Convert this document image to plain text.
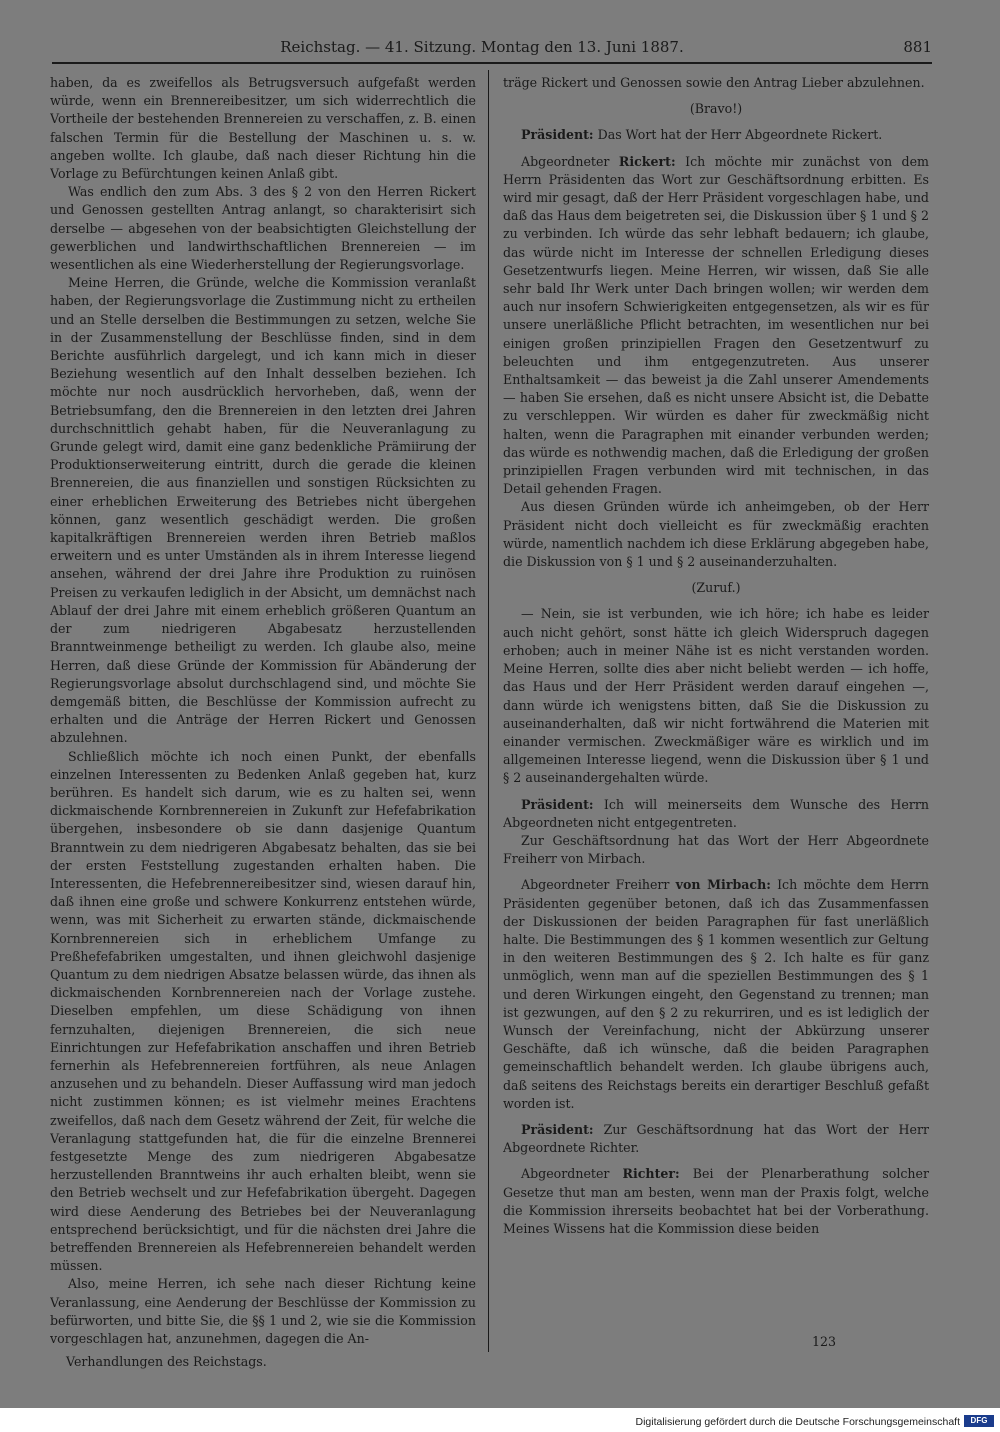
Reichstag. — 41. Sitzung. Montag den 13. Juni 1887.	881

haben, da es zweifellos als Betrugsversuch aufgefaßt werden würde, wenn ein Brennereibesitzer, um sich widerrechtlich die Vortheile der bestehenden Brennereien zu verschaffen, z. B. einen falschen Termin für die Bestellung der Maschinen u. s. w. angeben wollte. Ich glaube, daß nach dieser Richtung hin die Vorlage zu Befürchtungen keinen Anlaß gibt.

Was endlich den zum Abs. 3 des § 2 von den Herren Rickert und Genossen gestellten Antrag anlangt, so charakterisirt sich derselbe — abgesehen von der beabsichtigten Gleichstellung der gewerblichen und landwirthschaftlichen Brennereien — im wesentlichen als eine Wiederherstellung der Regierungsvorlage.

Meine Herren, die Gründe, welche die Kommission veranlaßt haben, der Regierungsvorlage die Zustimmung nicht zu ertheilen und an Stelle derselben die Bestimmungen zu setzen, welche Sie in der Zusammenstellung der Beschlüsse finden, sind in dem Berichte ausführlich dargelegt, und ich kann mich in dieser Beziehung wesentlich auf den Inhalt desselben beziehen. Ich möchte nur noch ausdrücklich hervorheben, daß, wenn der Betriebsumfang, den die Brennereien in den letzten drei Jahren durchschnittlich gehabt haben, für die Neuveranlagung zu Grunde gelegt wird, damit eine ganz bedenkliche Prämiirung der Produktionserweiterung eintritt, durch die gerade die kleinen Brennereien, die aus finanziellen und sonstigen Rücksichten zu einer erheblichen Erweiterung des Betriebes nicht übergehen können, ganz wesentlich geschädigt werden. Die großen kapitalkräftigen Brennereien werden ihren Betrieb maßlos erweitern und es unter Umständen als in ihrem Interesse liegend ansehen, während der drei Jahre ihre Produktion zu ruinösen Preisen zu verkaufen lediglich in der Absicht, um demnächst nach Ablauf der drei Jahre mit einem erheblich größeren Quantum an der zum niedrigeren Abgabesatz herzustellenden Branntweinmenge betheiligt zu werden. Ich glaube also, meine Herren, daß diese Gründe der Kommission für Abänderung der Regierungsvorlage absolut durchschlagend sind, und möchte Sie demgemäß bitten, die Beschlüsse der Kommission aufrecht zu erhalten und die Anträge der Herren Rickert und Genossen abzulehnen.

Schließlich möchte ich noch einen Punkt, der ebenfalls einzelnen Interessenten zu Bedenken Anlaß gegeben hat, kurz berühren. Es handelt sich darum, wie es zu halten sei, wenn dickmaischende Kornbrennereien in Zukunft zur Hefefabrikation übergehen, insbesondere ob sie dann dasjenige Quantum Branntwein zu dem niedrigeren Abgabesatz behalten, das sie bei der ersten Feststellung zugestanden erhalten haben. Die Interessenten, die Hefebrennereibesitzer sind, wiesen darauf hin, daß ihnen eine große und schwere Konkurrenz entstehen würde, wenn, was mit Sicherheit zu erwarten stände, dickmaischende Kornbrennereien sich in erheblichem Umfange zu Preßhefefabriken umgestalten, und ihnen gleichwohl dasjenige Quantum zu dem niedrigen Absatze belassen würde, das ihnen als dickmaischenden Kornbrennereien nach der Vorlage zustehe. Dieselben empfehlen, um diese Schädigung von ihnen fernzuhalten, diejenigen Brennereien, die sich neue Einrichtungen zur Hefefabrikation anschaffen und ihren Betrieb fernerhin als Hefebrennereien fortführen, als neue Anlagen anzusehen und zu behandeln. Dieser Auffassung wird man jedoch nicht zustimmen können; es ist vielmehr meines Erachtens zweifellos, daß nach dem Gesetz während der Zeit, für welche die Veranlagung stattgefunden hat, die für die einzelne Brennerei festgesetzte Menge des zum niedrigeren Abgabesatze herzustellenden Branntweins ihr auch erhalten bleibt, wenn sie den Betrieb wechselt und zur Hefefabrikation übergeht. Dagegen wird diese Aenderung des Betriebes bei der Neuveranlagung entsprechend berücksichtigt, und für die nächsten drei Jahre die betreffenden Brennereien als Hefebrennereien behandelt werden müssen.

Also, meine Herren, ich sehe nach dieser Richtung keine Veranlassung, eine Aenderung der Beschlüsse der Kommission zu befürworten, und bitte Sie, die §§ 1 und 2, wie sie die Kommission vorgeschlagen hat, anzunehmen, dagegen die An-

träge Rickert und Genossen sowie den Antrag Lieber abzulehnen.

(Bravo!)

Präsident: Das Wort hat der Herr Abgeordnete Rickert.

Abgeordneter Rickert: Ich möchte mir zunächst von dem Herrn Präsidenten das Wort zur Geschäftsordnung erbitten. Es wird mir gesagt, daß der Herr Präsident vorgeschlagen habe, und daß das Haus dem beigetreten sei, die Diskussion über § 1 und § 2 zu verbinden. Ich würde das sehr lebhaft bedauern; ich glaube, das würde nicht im Interesse der schnellen Erledigung dieses Gesetzentwurfs liegen. Meine Herren, wir wissen, daß Sie alle sehr bald Ihr Werk unter Dach bringen wollen; wir werden dem auch nur insofern Schwierigkeiten entgegensetzen, als wir es für unsere unerläßliche Pflicht betrachten, im wesentlichen nur bei einigen großen prinzipiellen Fragen den Gesetzentwurf zu beleuchten und ihm entgegenzutreten. Aus unserer Enthaltsamkeit — das beweist ja die Zahl unserer Amendements — haben Sie ersehen, daß es nicht unsere Absicht ist, die Debatte zu verschleppen. Wir würden es daher für zweckmäßig nicht halten, wenn die Paragraphen mit einander verbunden werden; das würde es nothwendig machen, daß die Erledigung der großen prinzipiellen Fragen verbunden wird mit technischen, in das Detail gehenden Fragen.

Aus diesen Gründen würde ich anheimgeben, ob der Herr Präsident nicht doch vielleicht es für zweckmäßig erachten würde, namentlich nachdem ich diese Erklärung abgegeben habe, die Diskussion von § 1 und § 2 auseinanderzuhalten.

(Zuruf.)

— Nein, sie ist verbunden, wie ich höre; ich habe es leider auch nicht gehört, sonst hätte ich gleich Widerspruch dagegen erhoben; auch in meiner Nähe ist es nicht verstanden worden. Meine Herren, sollte dies aber nicht beliebt werden — ich hoffe, das Haus und der Herr Präsident werden darauf eingehen —, dann würde ich wenigstens bitten, daß Sie die Diskussion zu auseinanderhalten, daß wir nicht fortwährend die Materien mit einander vermischen. Zweckmäßiger wäre es wirklich und im allgemeinen Interesse liegend, wenn die Diskussion über § 1 und § 2 auseinandergehalten würde.

Präsident: Ich will meinerseits dem Wunsche des Herrn Abgeordneten nicht entgegentreten.

Zur Geschäftsordnung hat das Wort der Herr Abgeordnete Freiherr von Mirbach.

Abgeordneter Freiherr von Mirbach: Ich möchte dem Herrn Präsidenten gegenüber betonen, daß ich das Zusammenfassen der Diskussionen der beiden Paragraphen für fast unerläßlich halte. Die Bestimmungen des § 1 kommen wesentlich zur Geltung in den weiteren Bestimmungen des § 2. Ich halte es für ganz unmöglich, wenn man auf die speziellen Bestimmungen des § 1 und deren Wirkungen eingeht, den Gegenstand zu trennen; man ist gezwungen, auf den § 2 zu rekurriren, und es ist lediglich der Wunsch der Vereinfachung, nicht der Abkürzung unserer Geschäfte, daß ich wünsche, daß die beiden Paragraphen gemeinschaftlich behandelt werden. Ich glaube übrigens auch, daß seitens des Reichstags bereits ein derartiger Beschluß gefaßt worden ist.

Präsident: Zur Geschäftsordnung hat das Wort der Herr Abgeordnete Richter.

Abgeordneter Richter: Bei der Plenarberathung solcher Gesetze thut man am besten, wenn man der Praxis folgt, welche die Kommission ihrerseits beobachtet hat bei der Vorberathung. Meines Wissens hat die Kommission diese beiden

Verhandlungen des Reichstags.
123
Digitalisierung gefördert durch die Deutsche Forschungsgemeinschaft	DFG
